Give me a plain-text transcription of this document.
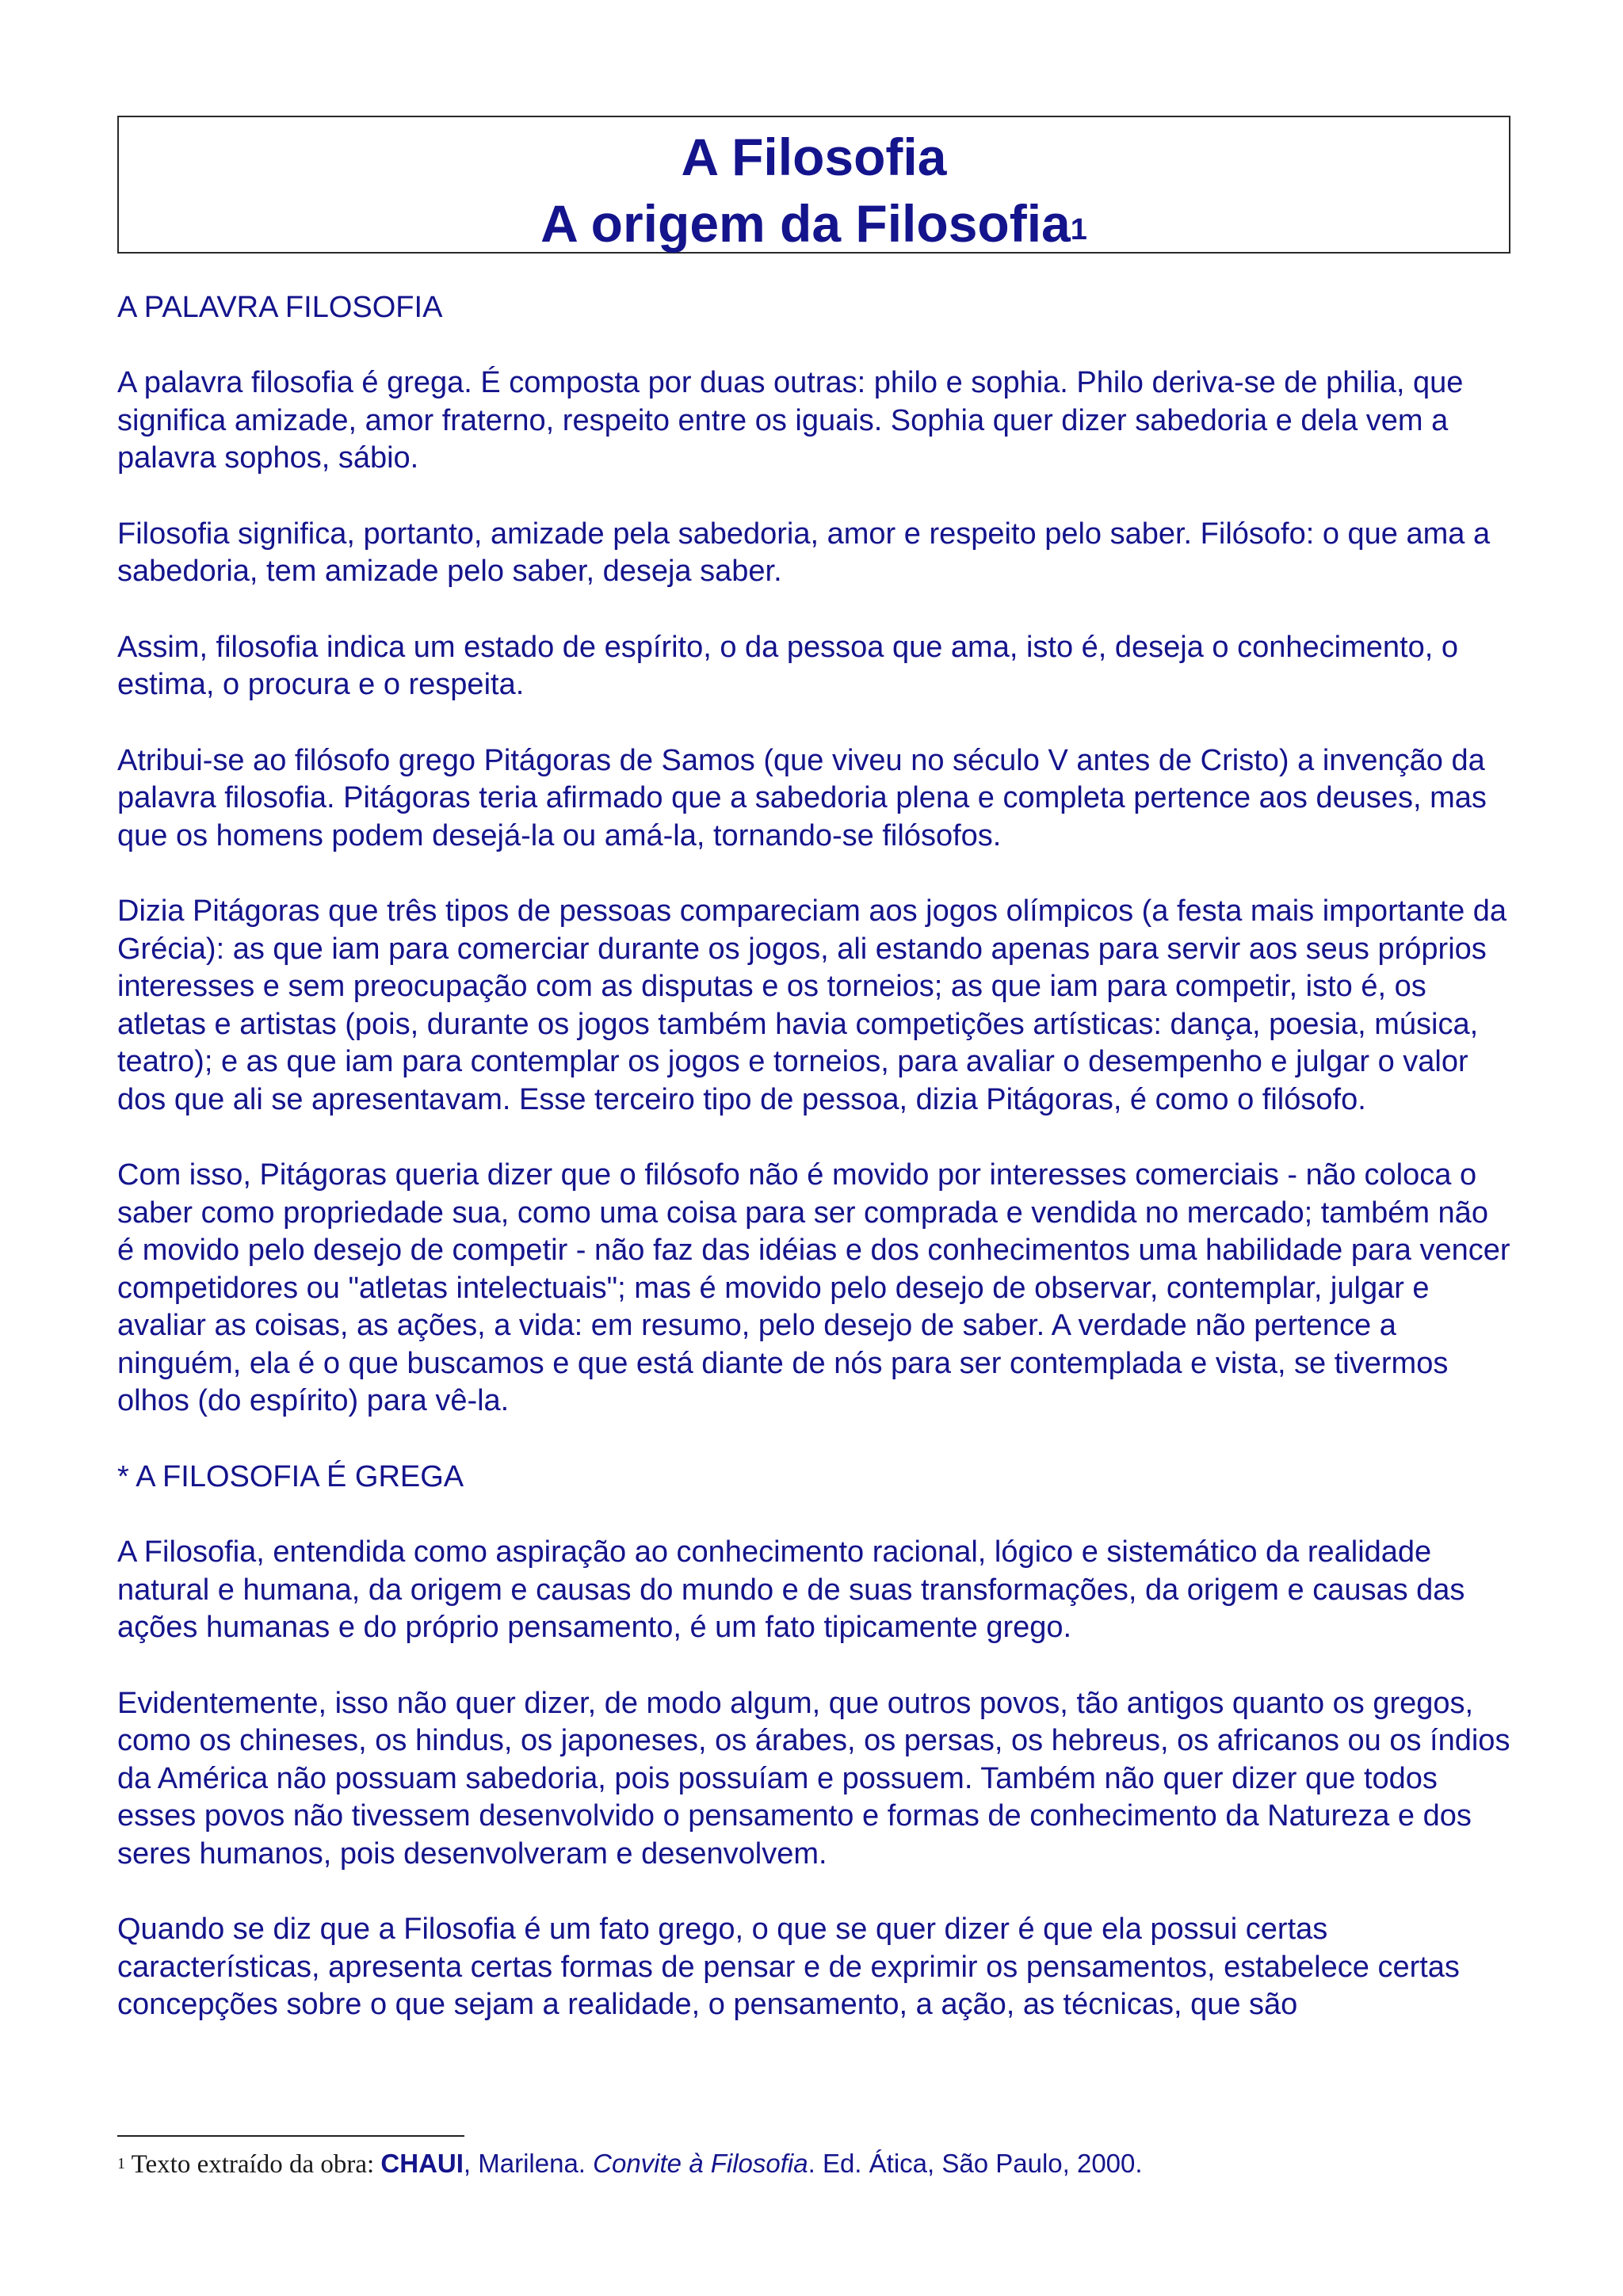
A Filosofia
A origem da Filosofia$^1$
A PALAVRA FILOSOFIA

A palavra filosofia é grega. É composta por duas outras: philo e sophia. Philo deriva-se de philia, que significa amizade, amor fraterno, respeito entre os iguais. Sophia quer dizer sabedoria e dela vem a palavra sophos, sábio.

Filosofia significa, portanto, amizade pela sabedoria, amor e respeito pelo saber. Filósofo: o que ama a sabedoria, tem amizade pelo saber, deseja saber.

Assim, filosofia indica um estado de espírito, o da pessoa que ama, isto é, deseja o conhecimento, o estima, o procura e o respeita.

Atribui-se ao filósofo grego Pitágoras de Samos (que viveu no século V antes de Cristo) a invenção da palavra filosofia. Pitágoras teria afirmado que a sabedoria plena e completa pertence aos deuses, mas que os homens podem desejá-la ou amá-la, tornando-se filósofos.

Dizia Pitágoras que três tipos de pessoas compareciam aos jogos olímpicos (a festa mais importante da Grécia): as que iam para comerciar durante os jogos, ali estando apenas para servir aos seus próprios interesses e sem preocupação com as disputas e os torneios; as que iam para competir, isto é, os atletas e artistas (pois, durante os jogos também havia competições artísticas: dança, poesia, música, teatro); e as que iam para contemplar os jogos e torneios, para avaliar o desempenho e julgar o valor dos que ali se apresentavam. Esse terceiro tipo de pessoa, dizia Pitágoras, é como o filósofo.

Com isso, Pitágoras queria dizer que o filósofo não é movido por interesses comerciais - não coloca o saber como propriedade sua, como uma coisa para ser comprada e vendida no mercado; também não é movido pelo desejo de competir - não faz das idéias e dos conhecimentos uma habilidade para vencer competidores ou "atletas intelectuais"; mas é movido pelo desejo de observar, contemplar, julgar e avaliar as coisas, as ações, a vida: em resumo, pelo desejo de saber. A verdade não pertence a ninguém, ela é o que buscamos e que está diante de nós para ser contemplada e vista, se tivermos olhos (do espírito) para vê-la.

* A FILOSOFIA É GREGA

A Filosofia, entendida como aspiração ao conhecimento racional, lógico e sistemático da realidade natural e humana, da origem e causas do mundo e de suas transformações, da origem e causas das ações humanas e do próprio pensamento, é um fato tipicamente grego.

Evidentemente, isso não quer dizer, de modo algum, que outros povos, tão antigos quanto os gregos, como os chineses, os hindus, os japoneses, os árabes, os persas, os hebreus, os africanos ou os índios da América não possuam sabedoria, pois possuíam e possuem. Também não quer dizer que todos esses povos não tivessem desenvolvido o pensamento e formas de conhecimento da Natureza e dos seres humanos, pois desenvolveram e desenvolvem.

Quando se diz que a Filosofia é um fato grego, o que se quer dizer é que ela possui certas características, apresenta certas formas de pensar e de exprimir os pensamentos, estabelece certas concepções sobre o que sejam a realidade, o pensamento, a ação, as técnicas, que são

$^1$ Texto extraído da obra: CHAUI, Marilena. Convite à Filosofia. Ed. Ática, São Paulo, 2000.
